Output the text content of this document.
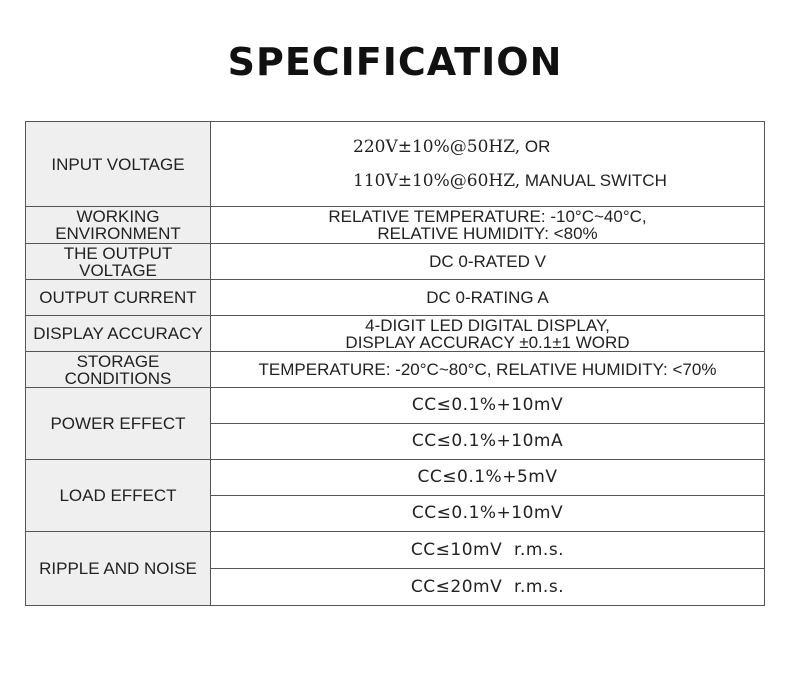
SPECIFICATION
INPUT VOLTAGE	220V±10%@50HZ, OR
110V±10%@60HZ, MANUAL SWITCH

WORKING
ENVIRONMENT	RELATIVE TEMPERATURE: -10°C~40°C,
RELATIVE HUMIDITY: <80%

THE OUTPUT
VOLTAGE	DC 0-RATED V
OUTPUT CURRENT	DC 0-RATING A
DISPLAY ACCURACY	4-DIGIT LED DIGITAL DISPLAY,
DISPLAY ACCURACY ±0.1±1 WORD

STORAGE
CONDITIONS	TEMPERATURE: -20°C~80°C, RELATIVE HUMIDITY: <70%
POWER EFFECT	CC≤0.1%+10mV
	CC≤0.1%+10mA
LOAD EFFECT	CC≤0.1%+5mV
	CC≤0.1%+10mV
RIPPLE AND NOISE	CC≤10mV  r.m.s.
	CC≤20mV  r.m.s.
